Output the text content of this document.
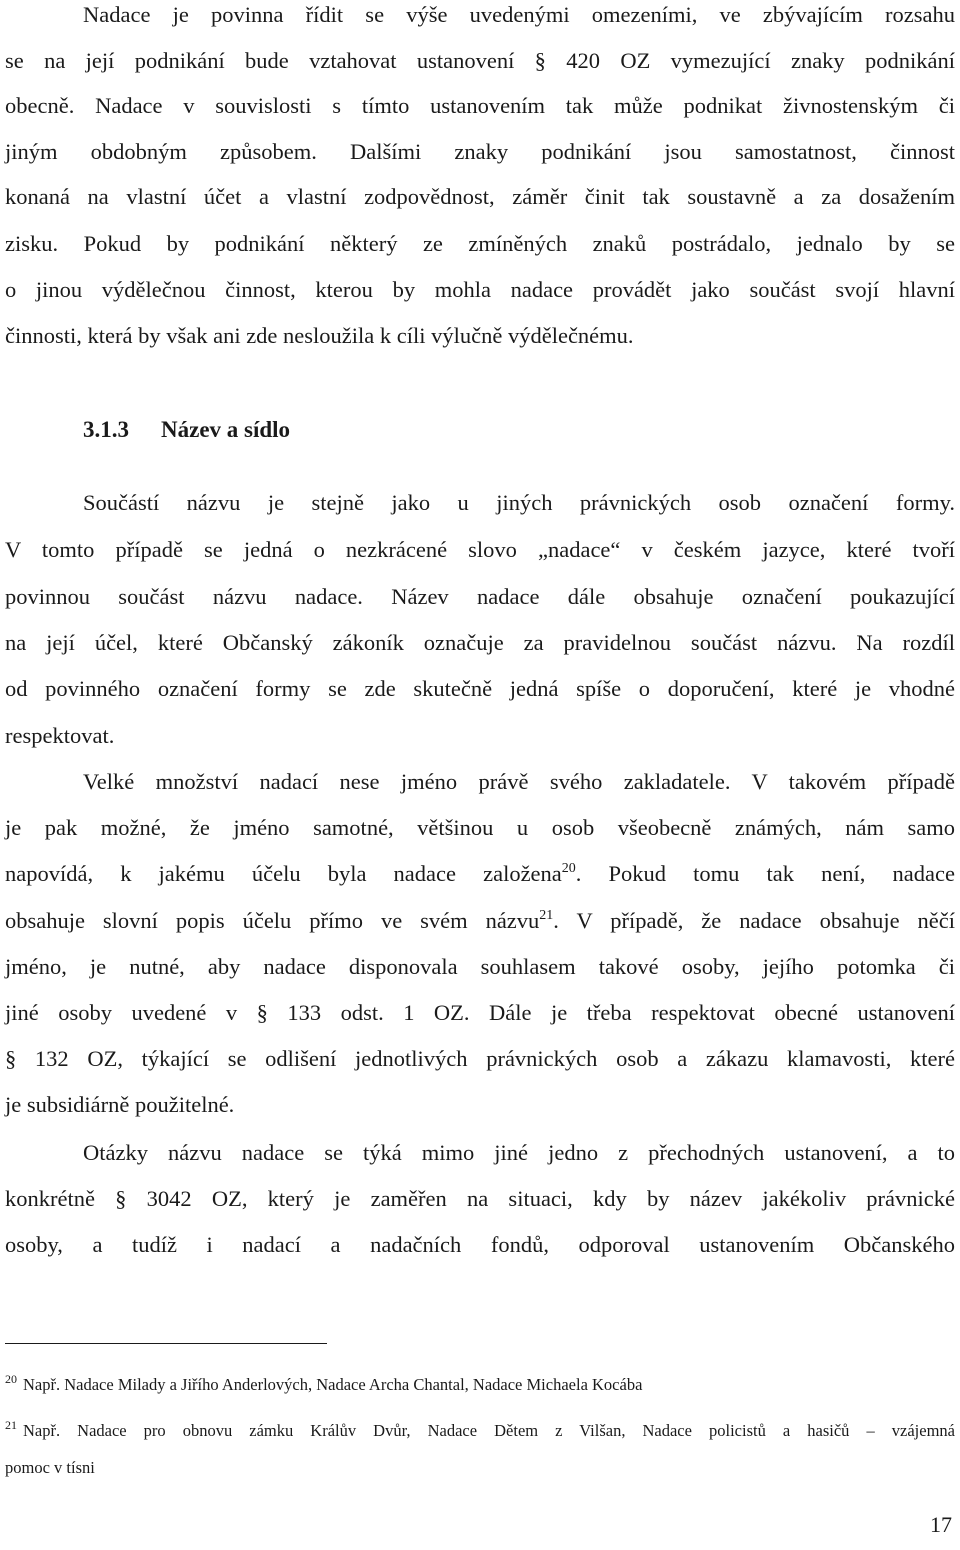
Nadace je povinna řídit se výše uvedenými omezeními, ve zbývajícím rozsahu
se na její podnikání bude vztahovat ustanovení § 420 OZ vymezující znaky podnikání
obecně. Nadace v souvislosti s tímto ustanovením tak může podnikat živnostenským či
jiným obdobným způsobem. Dalšími znaky podnikání jsou samostatnost, činnost
konaná na vlastní účet a vlastní zodpovědnost, záměr činit tak soustavně a za dosažením
zisku. Pokud by podnikání některý ze zmíněných znaků postrádalo, jednalo by se
o jinou výdělečnou činnost, kterou by mohla nadace provádět jako součást svojí hlavní
činnosti, která by však ani zde nesloužila k cíli výlučně výdělečnému.
3.1.3 Název a sídlo
Součástí názvu je stejně jako u jiných právnických osob označení formy.
V tomto případě se jedná o nezkrácené slovo „nadace“ v českém jazyce, které tvoří
povinnou součást názvu nadace. Název nadace dále obsahuje označení poukazující
na její účel, které Občanský zákoník označuje za pravidelnou součást názvu. Na rozdíl
od povinného označení formy se zde skutečně jedná spíše o doporučení, které je vhodné
respektovat.
Velké množství nadací nese jméno právě svého zakladatele. V takovém případě
je pak možné, že jméno samotné, většinou u osob všeobecně známých, nám samo
napovídá, k jakému účelu byla nadace založena$^{20}$. Pokud tomu tak není, nadace
obsahuje slovní popis účelu přímo ve svém názvu$^{21}$. V případě, že nadace obsahuje něčí
jméno, je nutné, aby nadace disponovala souhlasem takové osoby, jejího potomka či
jiné osoby uvedené v § 133 odst. 1 OZ. Dále je třeba respektovat obecné ustanovení
§ 132 OZ, týkající se odlišení jednotlivých právnických osob a zákazu klamavosti, které
je subsidiárně použitelné.
Otázky názvu nadace se týká mimo jiné jedno z přechodných ustanovení, a to
konkrétně § 3042 OZ, který je zaměřen na situaci, kdy by název jakékoliv právnické
osoby, a tudíž i nadací a nadačních fondů, odporoval ustanovením Občanského
$^{20}$ Např. Nadace Milady a Jiřího Anderlových, Nadace Archa Chantal, Nadace Michaela Kocába
$^{21}$ Např. Nadace pro obnovu zámku Králův Dvůr, Nadace Dětem z Vilšan, Nadace policistů a hasičů – vzájemná
pomoc v tísni
17
